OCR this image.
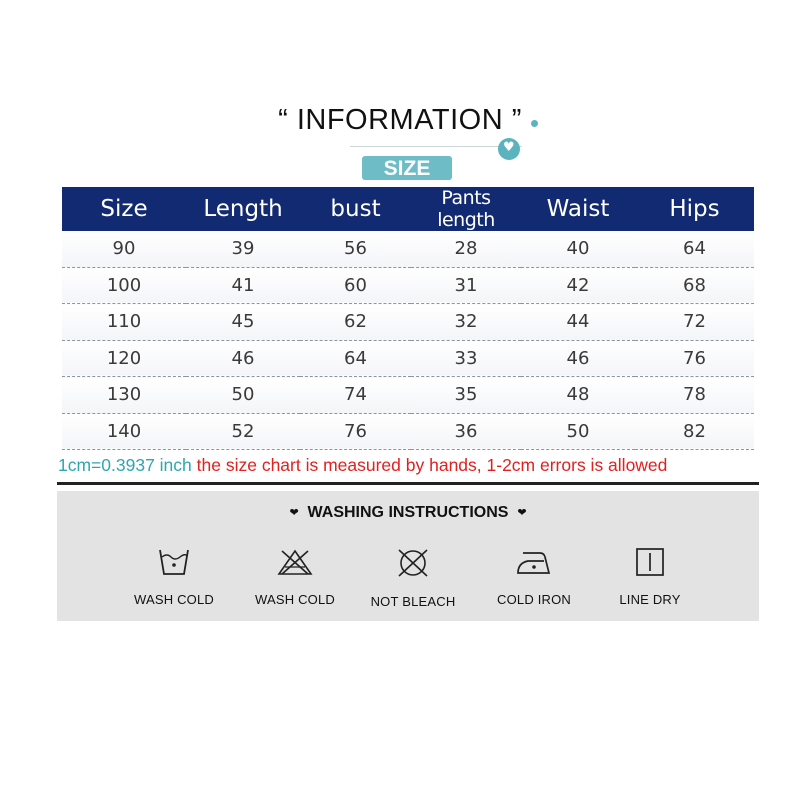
“ INFORMATION ”
♥
SIZE
Size	Length	bust	Pants length	Waist	Hips
90	39	56	28	40	64
100	41	60	31	42	68
110	45	62	32	44	72
120	46	64	33	46	76
130	50	74	35	48	78
140	52	76	36	50	82
1cm=0.3937 inch the size chart is measured by hands, 1-2cm errors is allowed
❤ WASHING INSTRUCTIONS ❤
WASH COLD	WASH COLD	NOT BLEACH	COLD IRON	LINE DRY
